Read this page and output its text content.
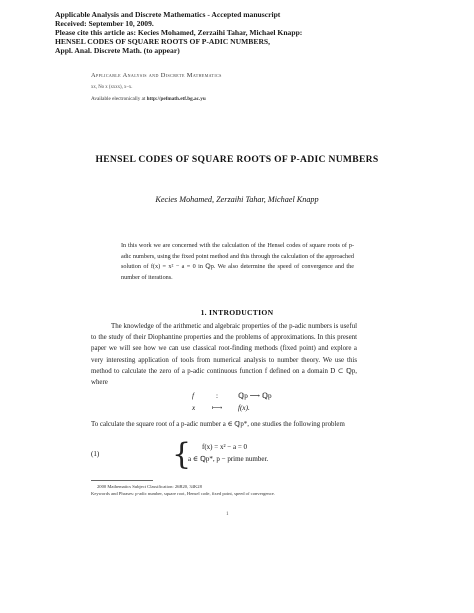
Applicable Analysis and Discrete Mathematics - Accepted manuscript
Received: September 10, 2009.
Please cite this article as: Kecies Mohamed, Zerzaihi Tahar, Michael Knapp:
HENSEL CODES OF SQUARE ROOTS OF P-ADIC NUMBERS,
Appl. Anal. Discrete Math. (to appear)
Applicable Analysis and Discrete Mathematics
xx, No x (xxxx), x–x.
Available electronically at http://pefmath.etf.bg.ac.yu
HENSEL CODES OF SQUARE ROOTS OF P-ADIC NUMBERS
Kecies Mohamed, Zerzaihi Tahar, Michael Knapp
In this work we are concerned with the calculation of the Hensel codes of square roots of p-adic numbers, using the fixed point method and this through the calculation of the approached solution of f(x) = x² − a = 0 in ℚp. We also determine the speed of convergence and the number of iterations.
1. INTRODUCTION
The knowledge of the arithmetic and algebraic properties of the p-adic numbers is useful to the study of their Diophantine properties and the problems of approximations. In this present paper we will see how we can use classical root-finding methods (fixed point) and explore a very interesting application of tools from numerical analysis to number theory. We use this method to calculate the zero of a p-adic continuous function f defined on a domain D ⊂ ℚp, where
f	:	ℚp ⟶ ℚp
x ⟼ f(x).
To calculate the square root of a p-adic number a ∈ ℚp*, one studies the following problem
(1) {	f(x) = x² − a = 0
a ∈ ℚp*, p − prime number.
2000 Mathematics Subject Classification: 26B20, 34K28
Keywords and Phrases: p-adic number, square root, Hensel code, fixed point, speed of convergence.
1
